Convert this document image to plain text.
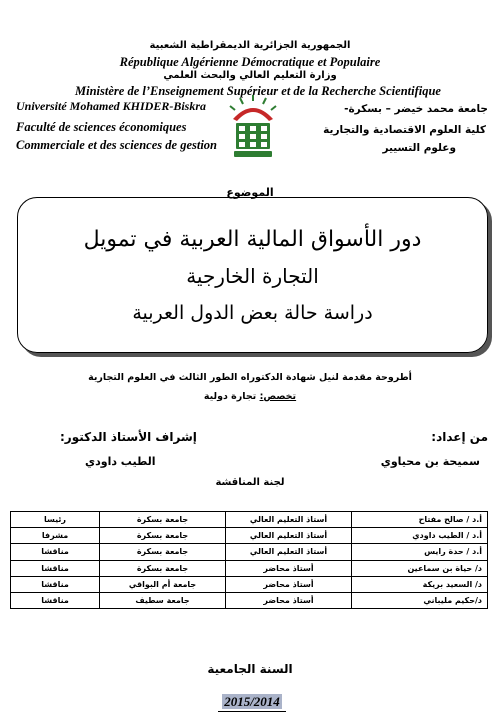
الجمهورية الجزائرية الديمقراطية الشعبية
République Algérienne Démocratique et Populaire
وزارة التعليم العالي والبحث العلمي
Ministère de l’Enseignement Supérieur et de la Recherche Scientifique
Université Mohamed KHIDER-Biskra
Faculté de sciences économiques
Commerciale et des sciences de gestion
جامعة محمد خيضر – بسكرة-
كلية العلوم الاقتصادية والتجارية
وعلوم التسيير
الموضوع
دور الأسواق المالية العربية في تمويل
التجارة الخارجية
دراسة حالة بعض الدول العربية
أطروحة مقدمة لنيل شهادة الدكتوراه الطور الثالث في العلوم التجارية
تخصص: تجارة دولية
من إعداد:
سميحة بن محياوي
إشراف الأستاذ الدكتور:
الطيب داودي
لجنة المناقشة
أ.د / صالح مفتاح	أستاذ التعليم العالي	جامعة بسكرة	رئيسا
أ.د / الطيب داودي	أستاذ التعليم العالي	جامعة بسكرة	مشرفا
أ.د / حدة رايس	أستاذ التعليم العالي	جامعة بسكرة	مناقشا
د/ حياة بن سماعين	أستاذ محاضر	جامعة بسكرة	مناقشا
د/ السعيد بريكة	أستاذ محاضر	جامعة أم البواقي	مناقشا
د/حكيم مليباني	أستاذ محاضر	جامعة سطيف	مناقشا
السنة الجامعية
2015/2014
